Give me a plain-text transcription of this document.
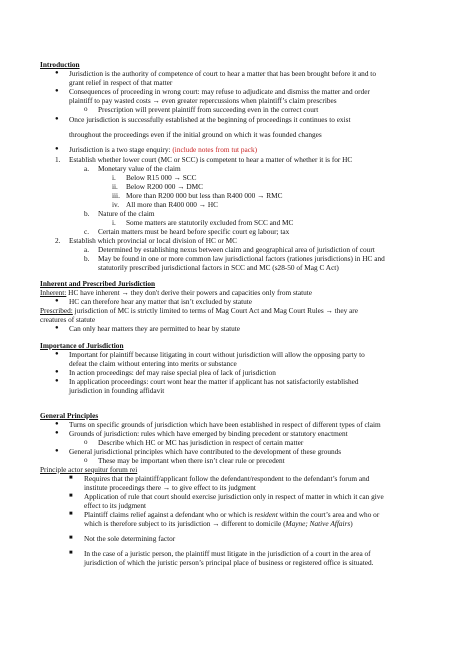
Introduction
● Jurisdiction is the authority of competence of court to hear a matter that has been brought before it and to
grant relief in respect of that matter
● Consequences of proceeding in wrong court: may refuse to adjudicate and dismiss the matter and order
plaintiff to pay wasted costs → even greater repercussions when plaintiff’s claim prescribes
o Prescription will prevent plaintiff from succeeding even in the correct court
● Once jurisdiction is successfully established at the beginning of proceedings it continues to exist
throughout the proceedings even if the initial ground on which it was founded changes
● Jurisdiction is a two stage enquiry: (include notes from tut pack)
1. Establish whether lower court (MC or SCC) is competent to hear a matter of whether it is for HC
a. Monetary value of the claim
i. Below R15 000 → SCC
ii. Below R200 000 → DMC
iii. More than R200 000 but less than R400 000 → RMC
iv. All more than R400 000 → HC
b. Nature of the claim
i. Some matters are statutorily excluded from SCC and MC
c. Certain matters must be heard before specific court eg labour; tax
2. Establish which provincial or local division of HC or MC
a. Determined by establishing nexus between claim and geographical area of jurisdiction of court
b. May be found in one or more common law jurisdictional factors (rationes jurisdictions) in HC and
statutorily prescribed jurisdictional factors in SCC and MC (s28-50 of Mag C Act)
Inherent and Prescribed Jurisdiction
Inherent: HC have inherent → they don't derive their powers and capacities only from statute
● HC can therefore hear any matter that isn’t excluded by statute
Prescribed: jurisdiction of MC is strictly limited to terms of Mag Court Act and Mag Court Rules → they are
creatures of statute
● Can only hear matters they are permitted to hear by statute
Importance of Jurisdiction
● Important for plaintiff because litigating in court without jurisdiction will allow the opposing party to
defeat the claim without entering into merits or substance
● In action proceedings: def may raise special plea of lack of jurisdiction
● In application proceedings: court wont hear the matter if applicant has not satisfactorily established
jurisdiction in founding affidavit
General Principles
● Turns on specific grounds of jurisdiction which have been established in respect of different types of claim
● Grounds of jurisdiction: rules which have emerged by binding precedent or statutory enactment
o Describe which HC or MC has jurisdiction in respect of certain matter
● General jurisdictional principles which have contributed to the development of these grounds
o These may be important when there isn’t clear rule or precedent
Principle actor sequitur forum rei
■ Requires that the plaintiff/applicant follow the defendant/respondent to the defendant’s forum and
institute proceedings there → to give effect to its judgment
■ Application of rule that court should exercise jurisdiction only in respect of matter in which it can give
effect to its judgment
■ Plaintiff claims relief against a defendant who or which is resident within the court’s area and who or
which is therefore subject to its jurisdiction → different to domicile (Mayne; Native Affairs)
■ Not the sole determining factor
■ In the case of a juristic person, the plaintiff must litigate in the jurisdiction of a court in the area of
jurisdiction of which the juristic person’s principal place of business or registered office is situated.
